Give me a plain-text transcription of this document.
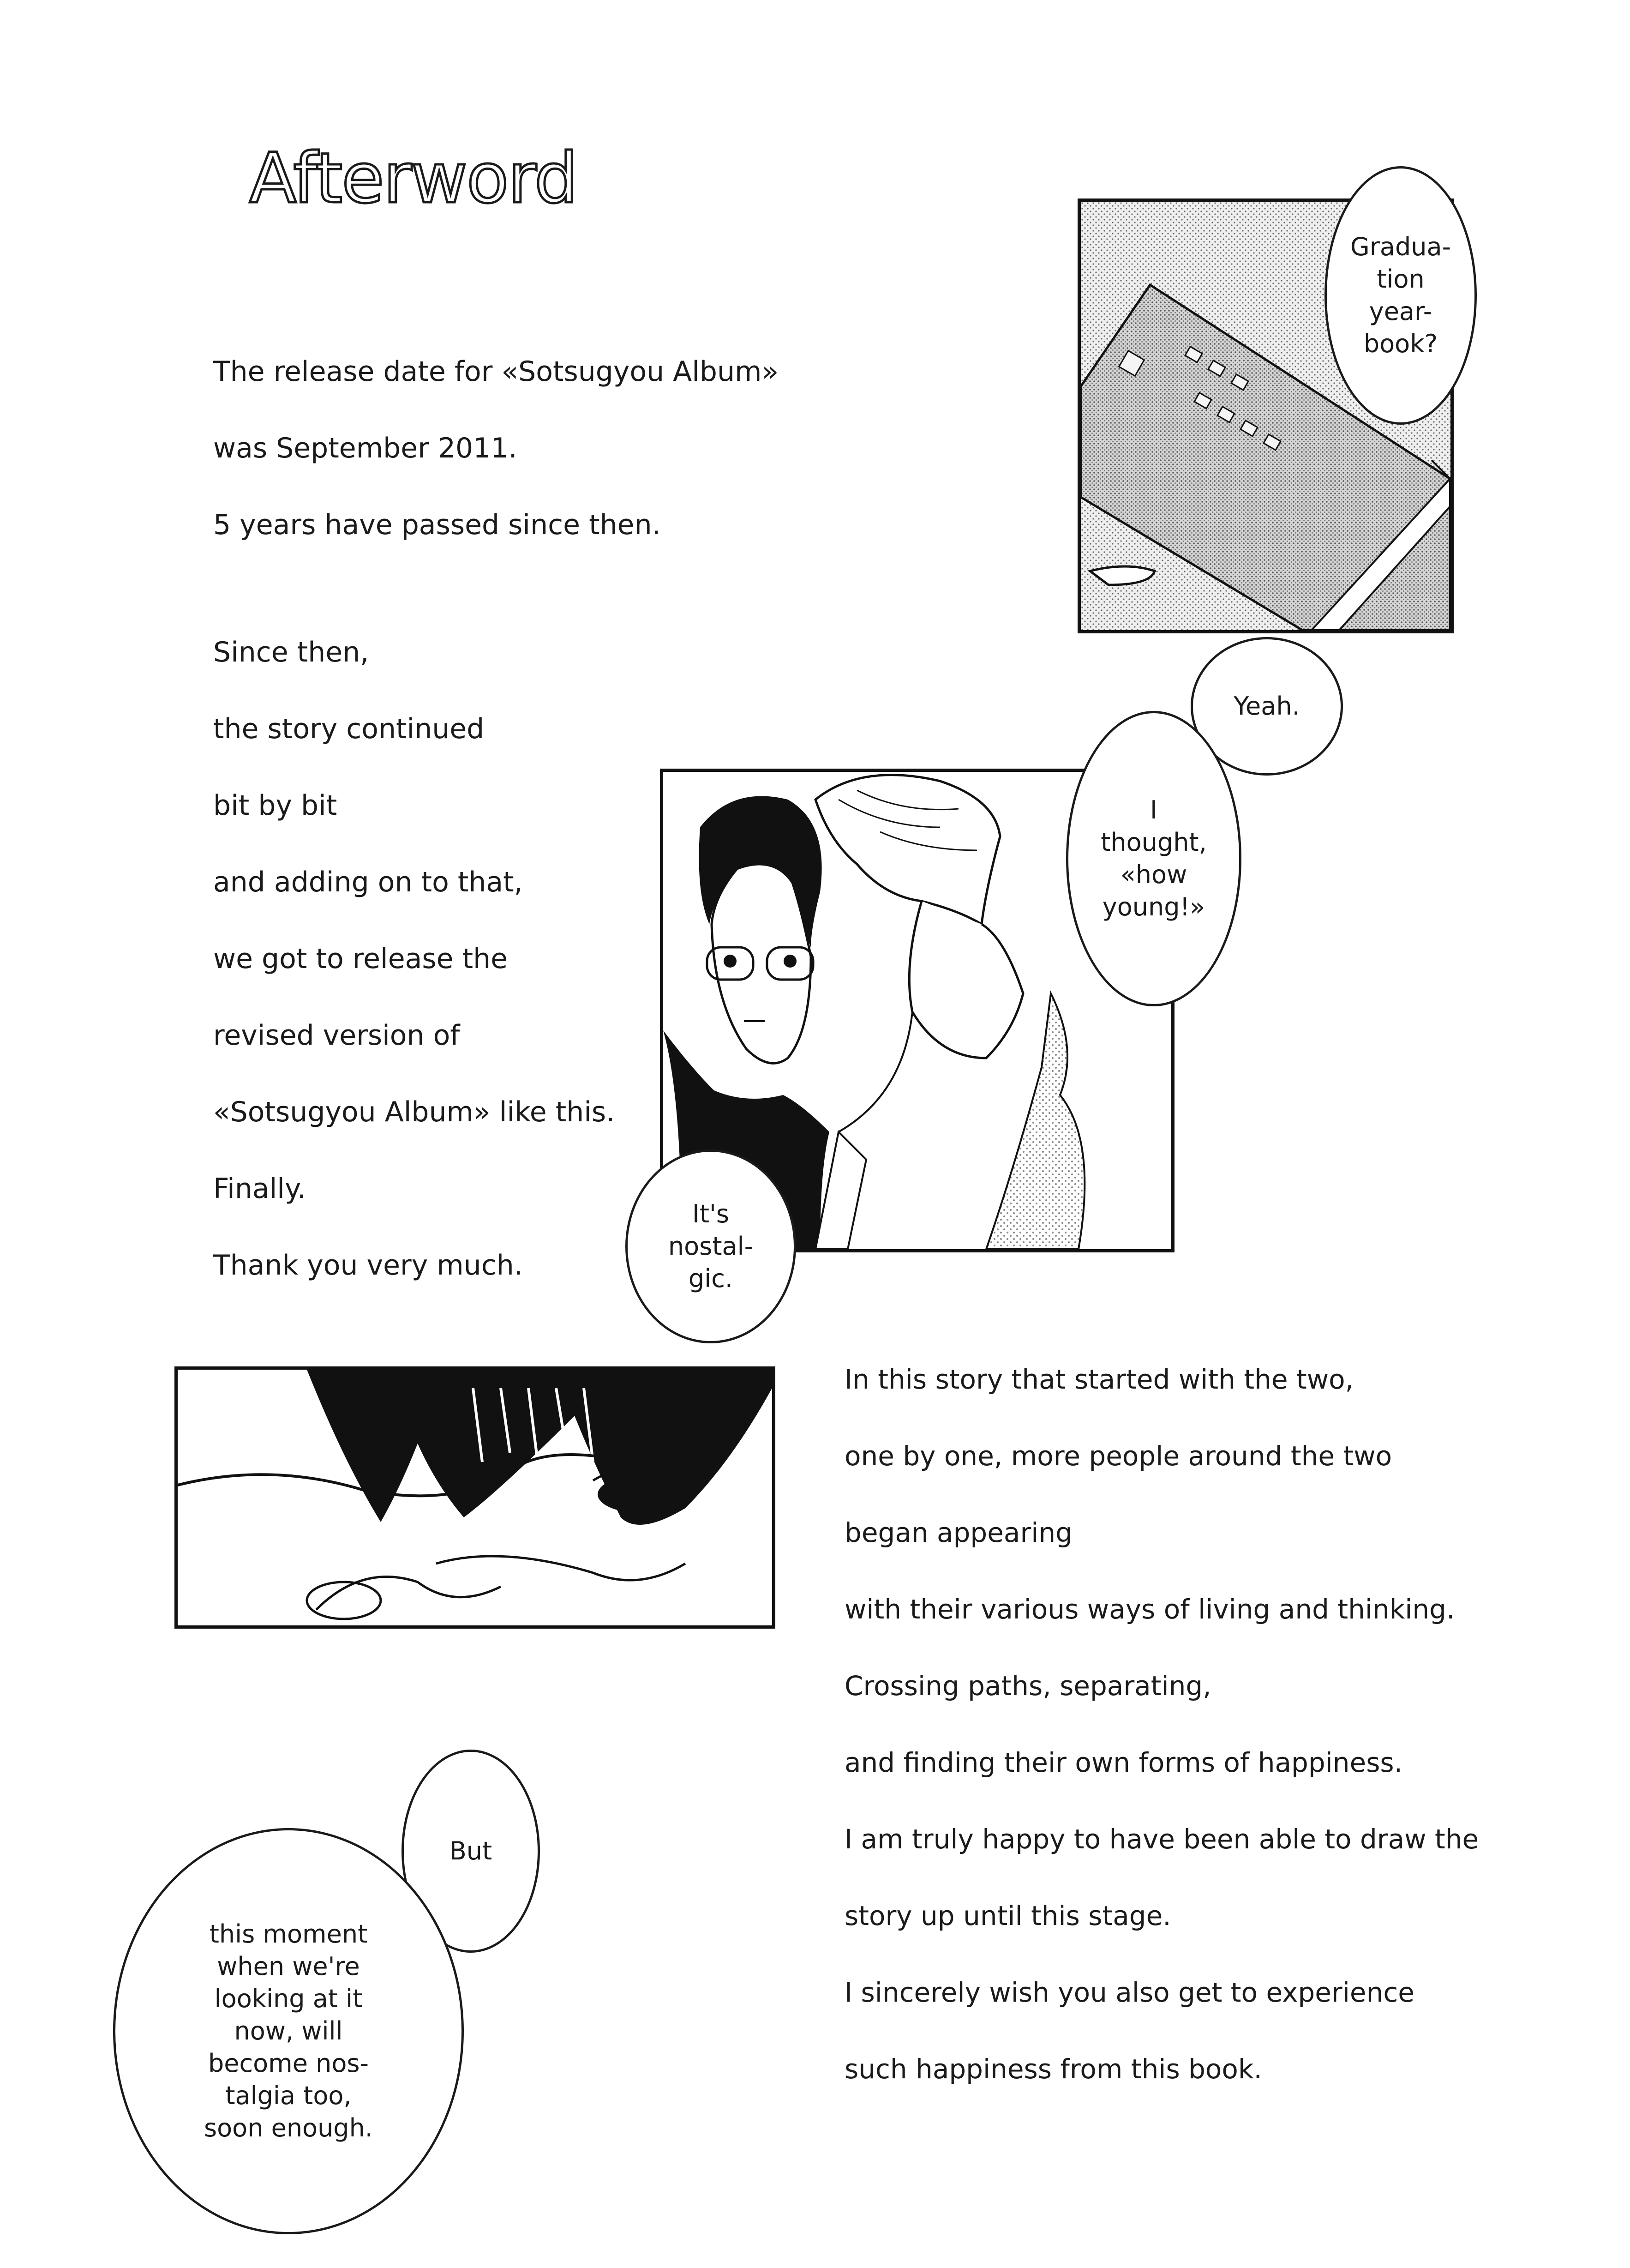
Afterword
The release date for «Sotsugyou Album»
was September 2011.
5 years have passed since then.
Since then,
the story continued
bit by bit
and adding on to that,
we got to release the
revised version of
«Sotsugyou Album» like this.
Finally.
Thank you very much.
In this story that started with the two,
one by one, more people around the two
began appearing
with their various ways of living and thinking.
Crossing paths, separating,
and finding their own forms of happiness.
I am truly happy to have been able to draw the
story up until this stage.
I sincerely wish you also get to experience
such happiness from this book.
Gradua-
tion
year-
book?
Yeah.
I
thought,
«how
young!»
It's
nostal-
gic.
But
this moment
when we're
looking at it
now, will
become nos-
talgia too,
soon enough.
